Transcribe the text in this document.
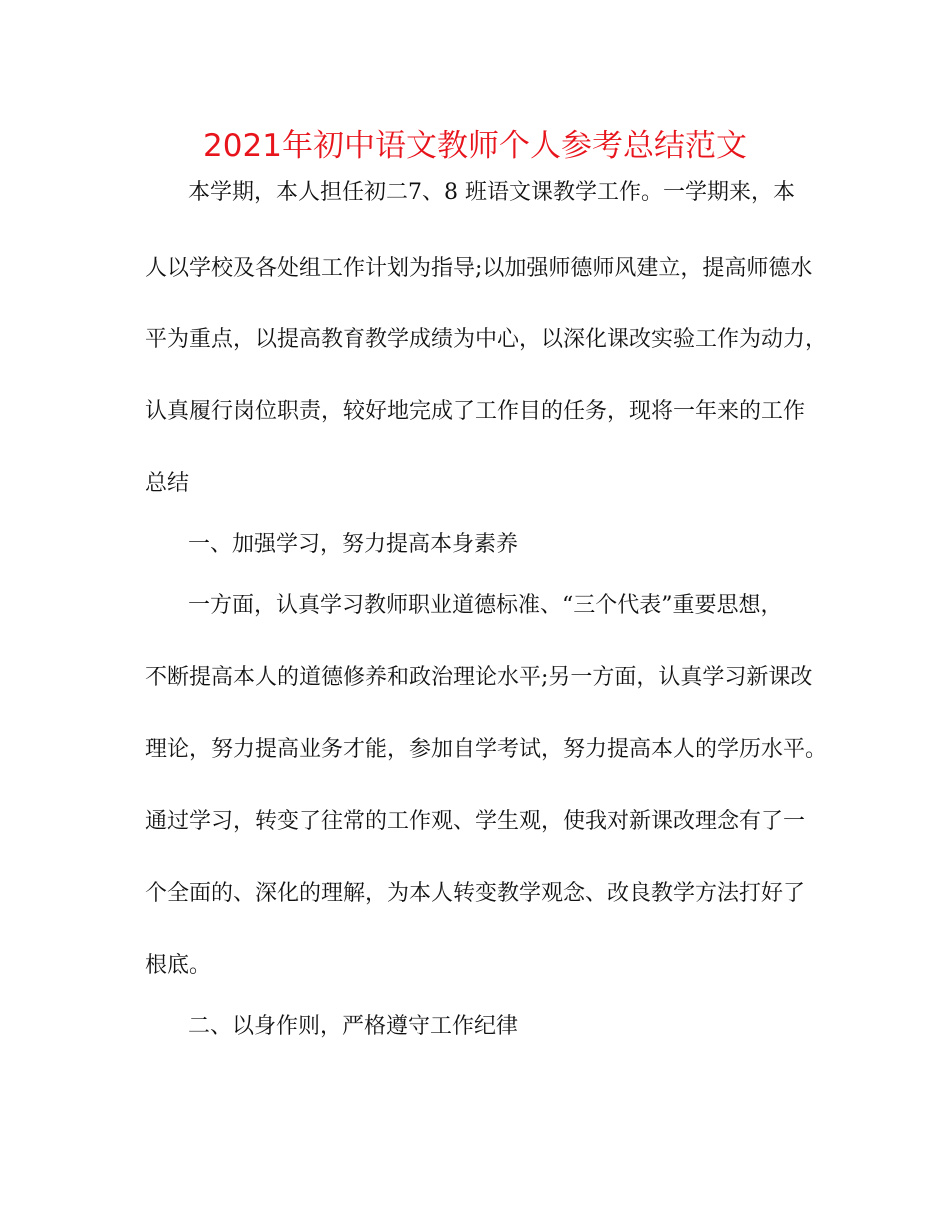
2021年初中语文教师个人参考总结范文

本学期，本人担任初二7、8 班语文课教学工作。一学期来，本

人以学校及各处组工作计划为指导;以加强师德师风建立，提高师德水

平为重点，以提高教育教学成绩为中心，以深化课改实验工作为动力，

认真履行岗位职责，较好地完成了工作目的任务，现将一年来的工作

总结

一、加强学习，努力提高本身素养

一方面，认真学习教师职业道德标准、“三个代表”重要思想，

不断提高本人的道德修养和政治理论水平;另一方面，认真学习新课改

理论，努力提高业务才能，参加自学考试，努力提高本人的学历水平。

通过学习，转变了往常的工作观、学生观，使我对新课改理念有了一

个全面的、深化的理解，为本人转变教学观念、改良教学方法打好了

根底。

二、以身作则，严格遵守工作纪律
